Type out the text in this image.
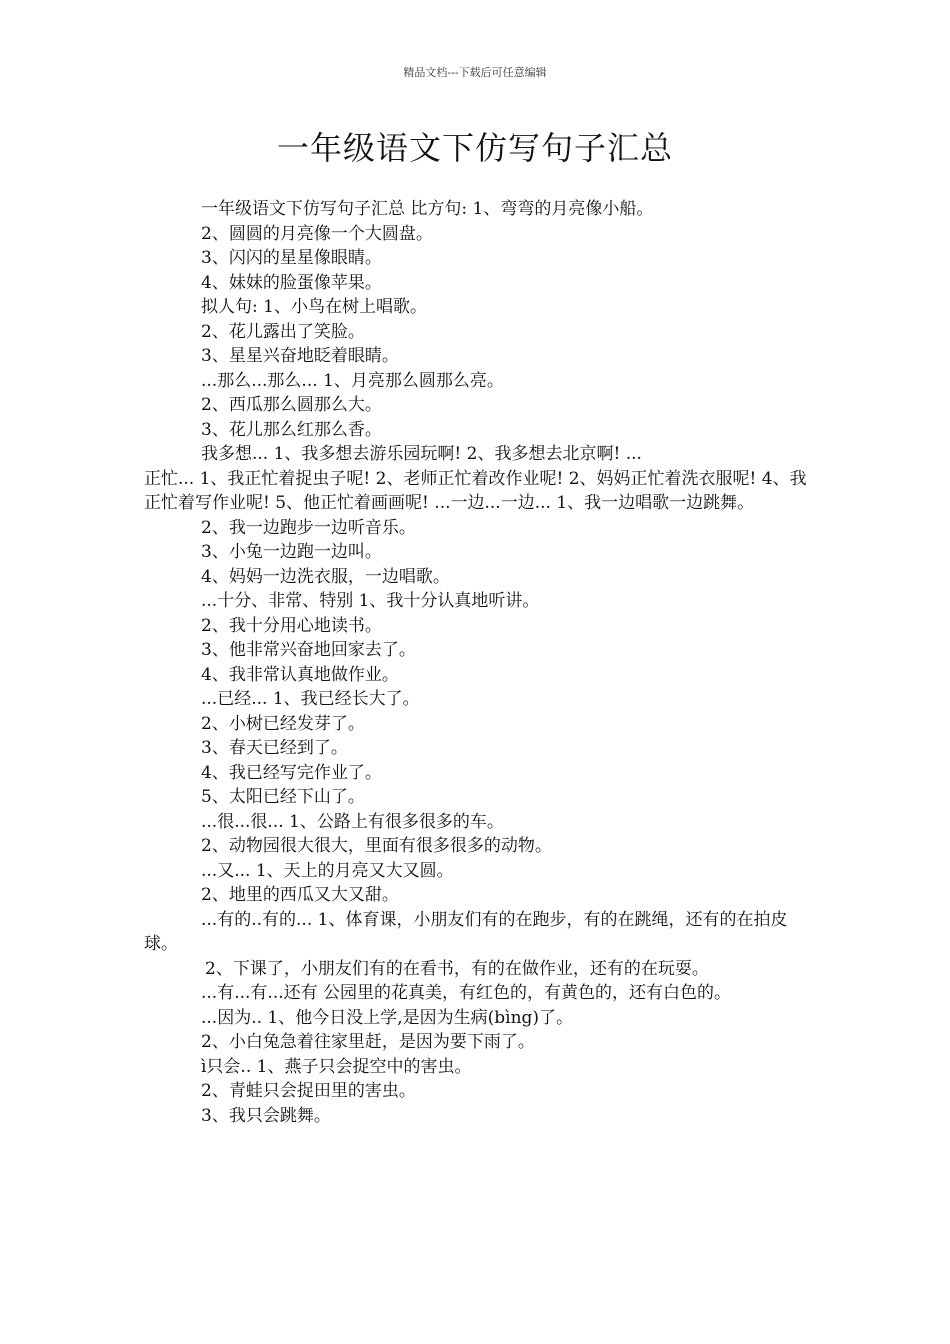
精品文档---下载后可任意编辑
一年级语文下仿写句子汇总

一年级语文下仿写句子汇总 比方句: 1、弯弯的月亮像小船。

2、圆圆的月亮像一个大圆盘。

3、闪闪的星星像眼睛。

4、妹妹的脸蛋像苹果。

拟人句: 1、小鸟在树上唱歌。

2、花儿露出了笑脸。

3、星星兴奋地眨着眼睛。

...那么...那么... 1、月亮那么圆那么亮。

2、西瓜那么圆那么大。

3、花儿那么红那么香。

我多想... 1、我多想去游乐园玩啊! 2、我多想去北京啊! ...

正忙... 1、我正忙着捉虫子呢! 2、老师正忙着改作业呢! 2、妈妈正忙着洗衣服呢! 4、我正忙着写作业呢! 5、他正忙着画画呢! ...一边...一边... 1、我一边唱歌一边跳舞。

2、我一边跑步一边听音乐。

3、小兔一边跑一边叫。

4、妈妈一边洗衣服，一边唱歌。

...十分、非常、特别 1、我十分认真地听讲。

2、我十分用心地读书。

3、他非常兴奋地回家去了。

4、我非常认真地做作业。

...已经... 1、我已经长大了。

2、小树已经发芽了。

3、春天已经到了。

4、我已经写完作业了。

5、太阳已经下山了。

...很...很... 1、公路上有很多很多的车。

2、动物园很大很大，里面有很多很多的动物。

...又... 1、天上的月亮又大又圆。

2、地里的西瓜又大又甜。

...有的..有的... 1、体育课，小朋友们有的在跑步，有的在跳绳，还有的在拍皮球。

2、下课了，小朋友们有的在看书，有的在做作业，还有的在玩耍。

...有...有...还有 公园里的花真美，有红色的，有黄色的，还有白色的。

...因为.. 1、他今日没上学,是因为生病(bìng)了。

2、小白兔急着往家里赶，是因为要下雨了。

ì只会.. 1、燕子只会捉空中的害虫。

2、青蛙只会捉田里的害虫。

3、我只会跳舞。
